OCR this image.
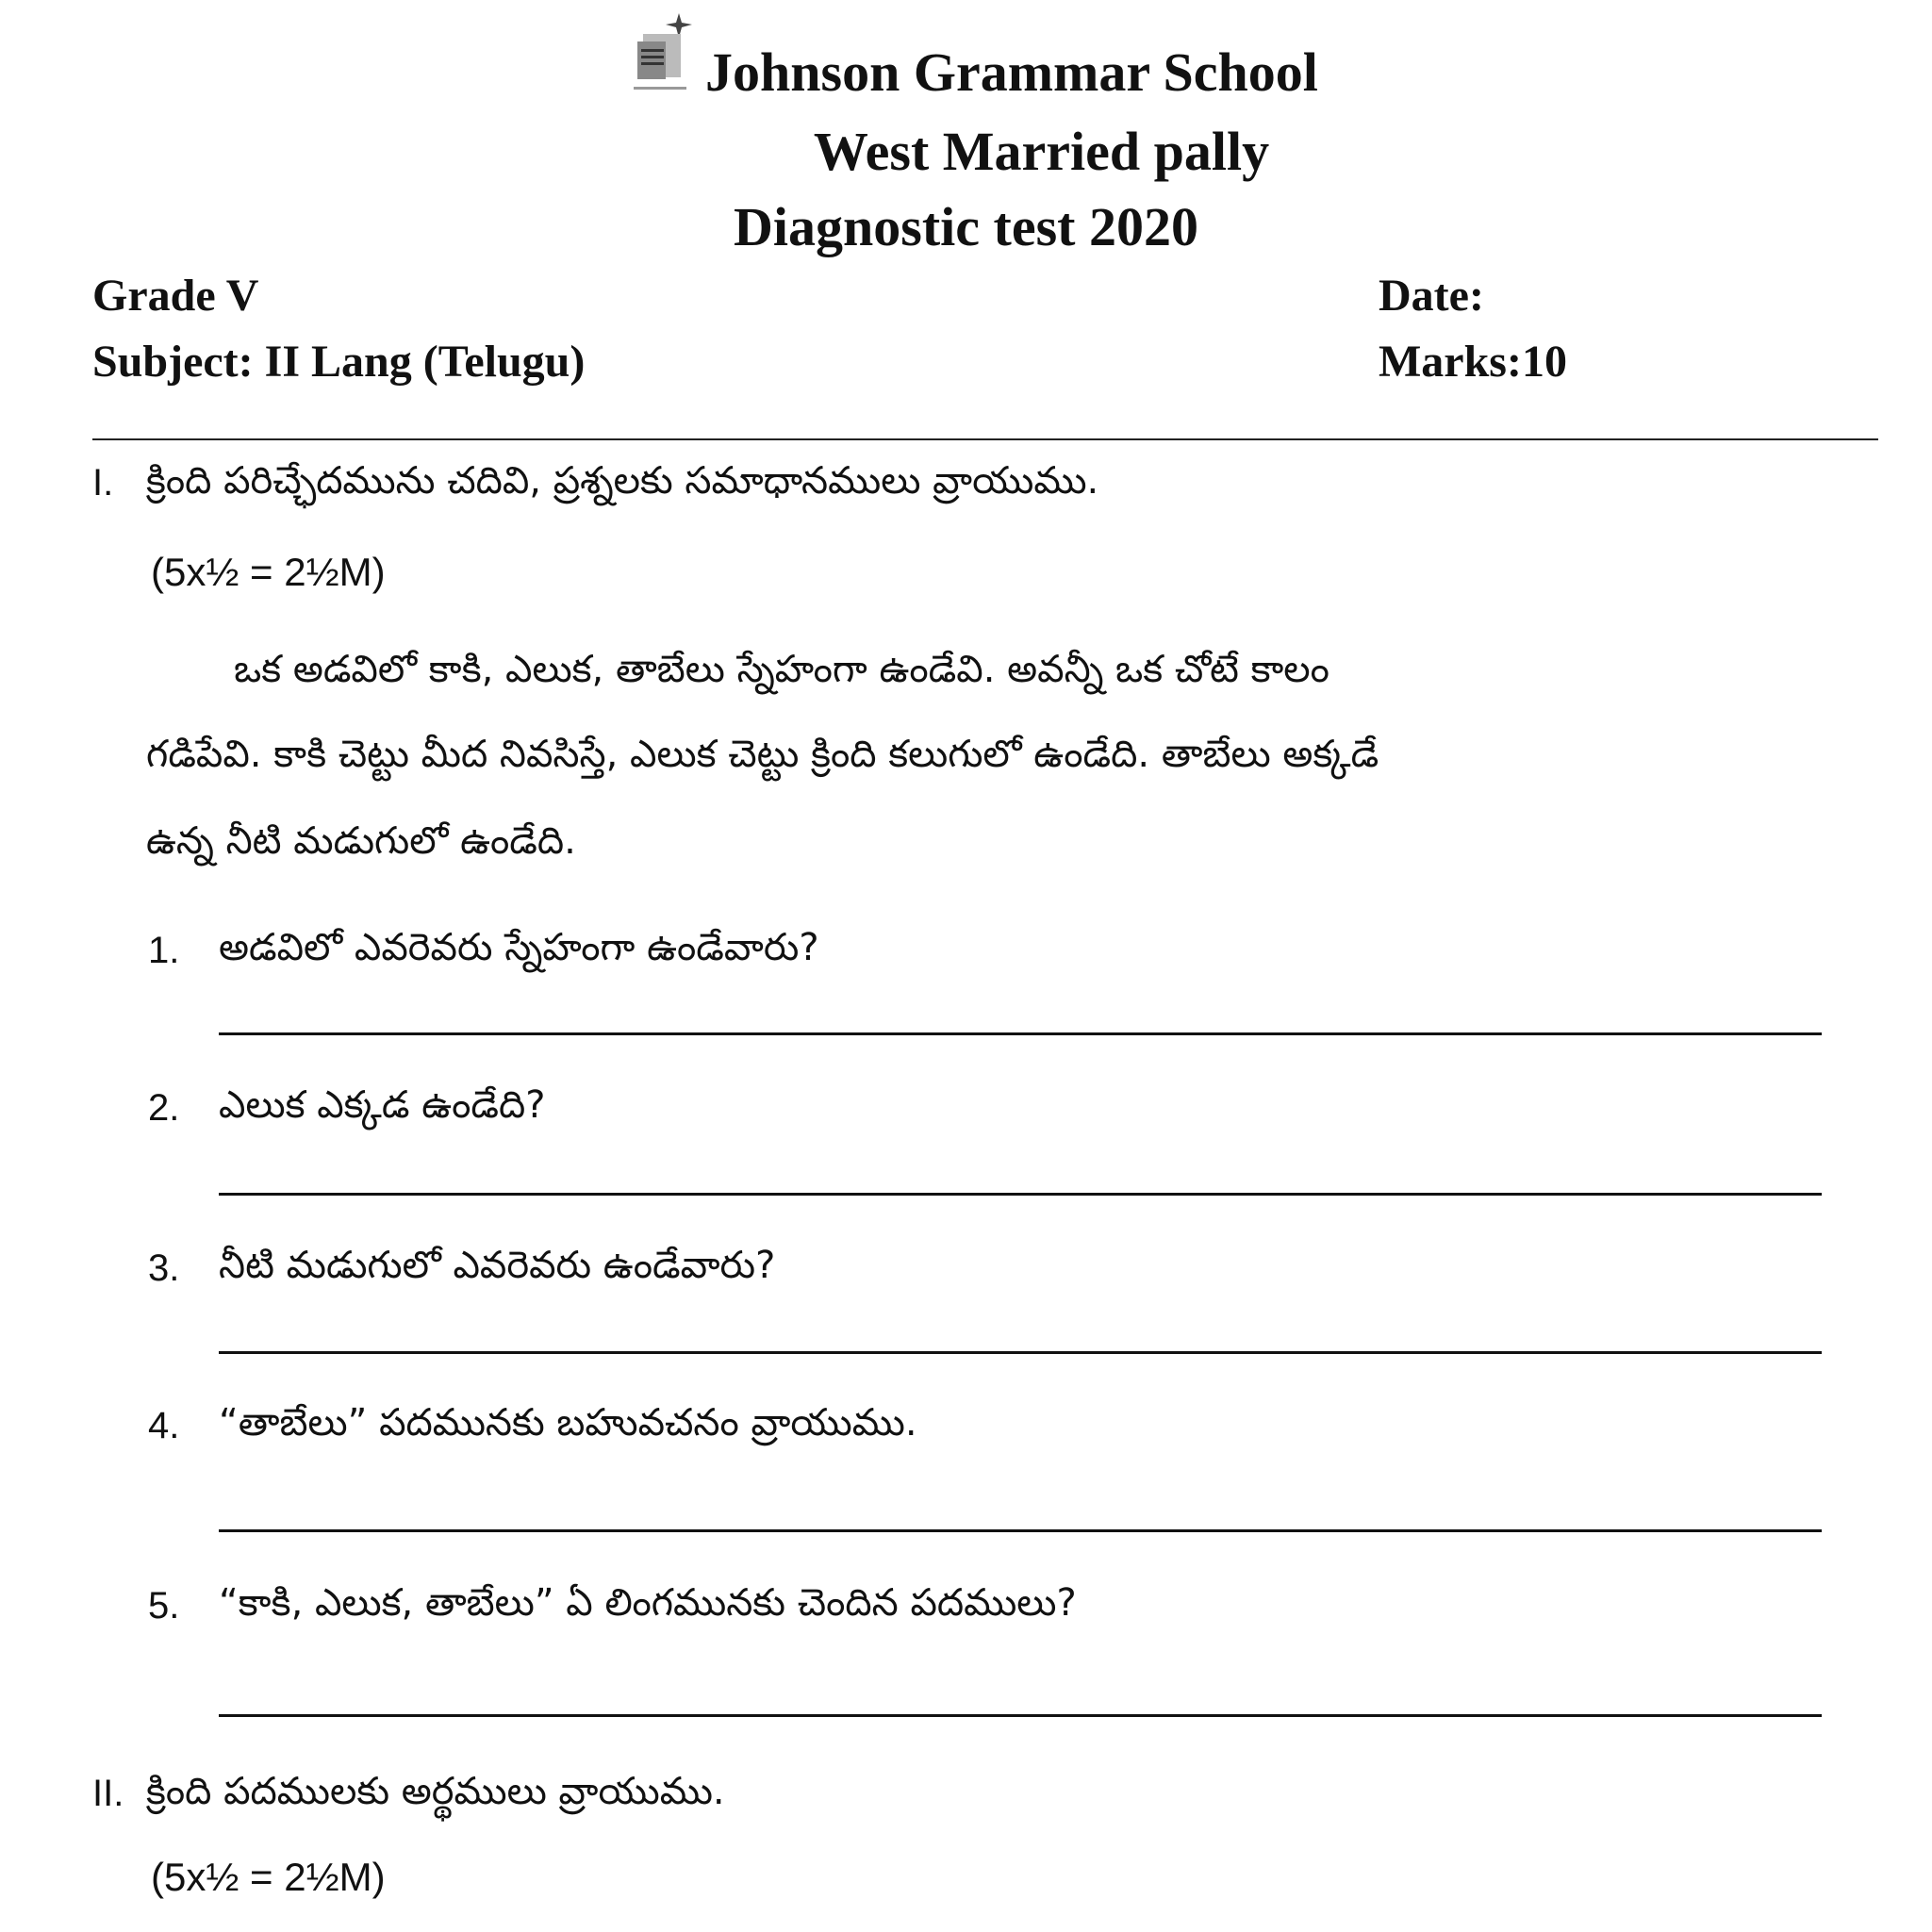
Johnson Grammar School
West Married pally
Diagnostic test 2020
Grade V
Subject: II Lang (Telugu)
Date:
Marks:10
I. క్రింది పరిచ్ఛేదమును చదివి, ప్రశ్నలకు సమాధానములు వ్రాయుము.
(5x½ = 2½M)
ఒక అడవిలో కాకి, ఎలుక, తాబేలు స్నేహంగా ఉండేవి. అవన్నీ ఒక చోటే కాలం
గడిపేవి. కాకి చెట్టు మీద నివసిస్తే, ఎలుక చెట్టు క్రింది కలుగులో ఉండేది. తాబేలు అక్కడే
ఉన్న నీటి మడుగులో ఉండేది.
1. అడవిలో ఎవరెవరు స్నేహంగా ఉండేవారు?
2. ఎలుక ఎక్కడ ఉండేది?
3. నీటి మడుగులో ఎవరెవరు ఉండేవారు?
4. “తాబేలు” పదమునకు బహువచనం వ్రాయుము.
5. “కాకి, ఎలుక, తాబేలు” ఏ లింగమునకు చెందిన పదములు?
II. క్రింది పదములకు అర్థములు వ్రాయుము.
(5x½ = 2½M)
